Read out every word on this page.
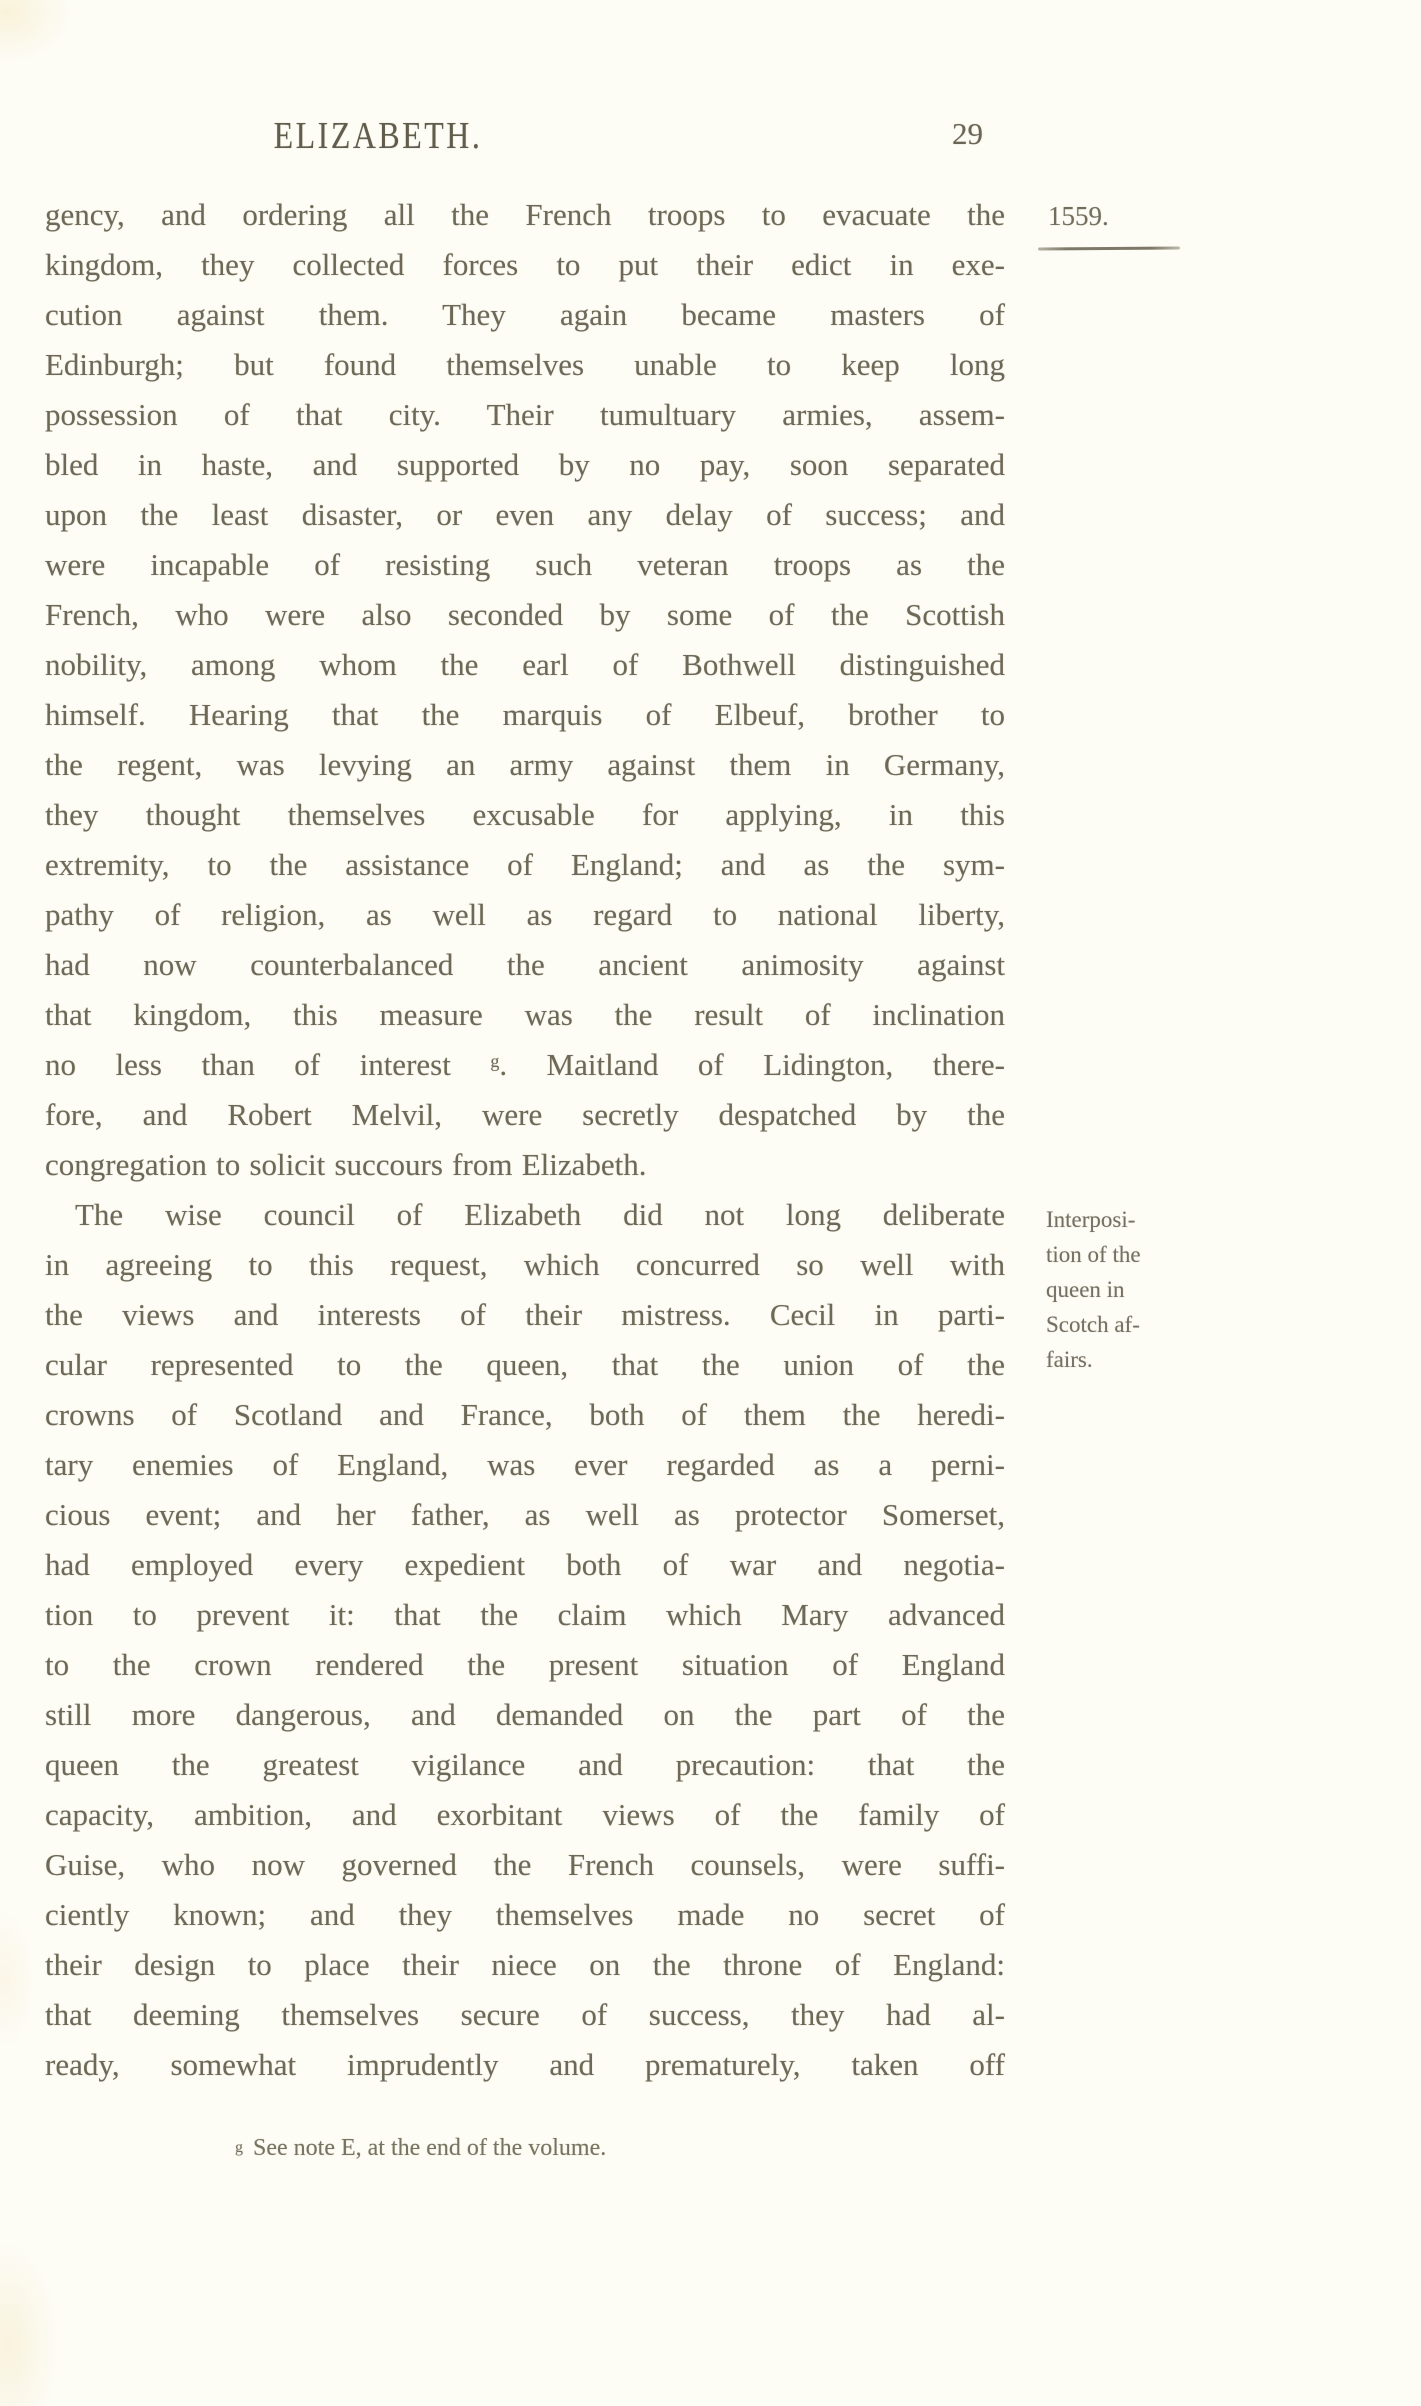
ELIZABETH.	29
1559.
gency, and ordering all the French troops to evacuate the
kingdom, they collected forces to put their edict in exe-
cution against them. They again became masters of
Edinburgh; but found themselves unable to keep long
possession of that city. Their tumultuary armies, assem-
bled in haste, and supported by no pay, soon separated
upon the least disaster, or even any delay of success; and
were incapable of resisting such veteran troops as the
French, who were also seconded by some of the Scottish
nobility, among whom the earl of Bothwell distinguished
himself. Hearing that the marquis of Elbeuf, brother to
the regent, was levying an army against them in Germany,
they thought themselves excusable for applying, in this
extremity, to the assistance of England; and as the sym-
pathy of religion, as well as regard to national liberty,
had now counterbalanced the ancient animosity against
that kingdom, this measure was the result of inclination
no less than of interest $^g$. Maitland of Lidington, there-
fore, and Robert Melvil, were secretly despatched by the
congregation to solicit succours from Elizabeth.
The wise council of Elizabeth did not long deliberate
in agreeing to this request, which concurred so well with
the views and interests of their mistress. Cecil in parti-
cular represented to the queen, that the union of the
crowns of Scotland and France, both of them the heredi-
tary enemies of England, was ever regarded as a perni-
cious event; and her father, as well as protector Somerset,
had employed every expedient both of war and negotia-
tion to prevent it: that the claim which Mary advanced
to the crown rendered the present situation of England
still more dangerous, and demanded on the part of the
queen the greatest vigilance and precaution: that the
capacity, ambition, and exorbitant views of the family of
Guise, who now governed the French counsels, were suffi-
ciently known; and they themselves made no secret of
their design to place their niece on the throne of England:
that deeming themselves secure of success, they had al-
ready, somewhat imprudently and prematurely, taken off
Interposi-
tion of the
queen in
Scotch af-
fairs.
g See note E, at the end of the volume.
